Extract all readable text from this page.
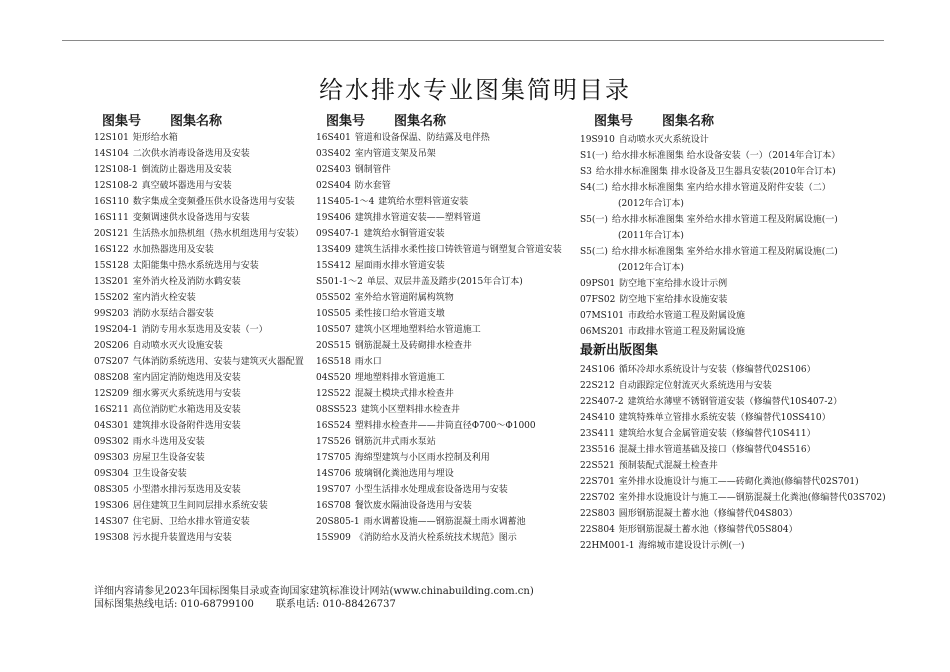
给水排水专业图集简明目录
图集号 图集名称	图集号 图集名称	图集号 图集名称
12S101 矩形给水箱
14S104 二次供水消毒设备选用及安装
12S108-1 倒流防止器选用及安装
12S108-2 真空破坏器选用与安装
16S110 数字集成全变频叠压供水设备选用与安装
16S111 变频调速供水设备选用与安装
20S121 生活热水加热机组（热水机组选用与安装）
16S122 水加热器选用及安装
15S128 太阳能集中热水系统选用与安装
13S201 室外消火栓及消防水鹤安装
15S202 室内消火栓安装
99S203 消防水泵结合器安装
19S204-1 消防专用水泵选用及安装（一）
20S206 自动喷水灭火设施安装
07S207 气体消防系统选用、安装与建筑灭火器配置
08S208 室内固定消防炮选用及安装
12S209 细水雾灭火系统选用与安装
16S211 高位消防贮水箱选用及安装
04S301 建筑排水设备附件选用安装
09S302 雨水斗选用及安装
09S303 房屋卫生设备安装
09S304 卫生设备安装
08S305 小型潜水排污泵选用及安装
19S306 居住建筑卫生间同层排水系统安装
14S307 住宅厨、卫给水排水管道安装
19S308 污水提升装置选用与安装
16S401 管道和设备保温、防结露及电伴热
03S402 室内管道支架及吊架
02S403 钢制管件
02S404 防水套管
11S405-1～4 建筑给水塑料管道安装
19S406 建筑排水管道安装——塑料管道
09S407-1 建筑给水铜管道安装
13S409 建筑生活排水柔性接口铸铁管道与钢塑复合管道安装
15S412 屋面雨水排水管道安装
S501-1～2 单层、双层井盖及踏步(2015年合订本)
05S502 室外给水管道附属构筑物
10S505 柔性接口给水管道支墩
10S507 建筑小区埋地塑料给水管道施工
20S515 钢筋混凝土及砖砌排水检查井
16S518 雨水口
04S520 埋地塑料排水管道施工
12S522 混凝土模块式排水检查井
08SS523 建筑小区塑料排水检查井
16S524 塑料排水检查井——井筒直径Φ700～Φ1000
17S526 钢筋沉井式雨水泵站
17S705 海绵型建筑与小区雨水控制及利用
14S706 玻璃钢化粪池选用与埋设
19S707 小型生活排水处理成套设备选用与安装
16S708 餐饮废水隔油设备选用与安装
20S805-1 雨水调蓄设施——钢筋混凝土雨水调蓄池
15S909 《消防给水及消火栓系统技术规范》图示
19S910 自动喷水灭火系统设计
S1(一) 给水排水标准图集 给水设备安装（一）（2014年合订本）
S3 给水排水标准图集 排水设备及卫生器具安装(2010年合订本)
S4(二) 给水排水标准图集 室内给水排水管道及附件安装（二）
(2012年合订本)
S5(一) 给水排水标准图集 室外给水排水管道工程及附属设施(一)
(2011年合订本)
S5(二) 给水排水标准图集 室外给水排水管道工程及附属设施(二)
(2012年合订本)
09PS01 防空地下室给排水设计示例
07FS02 防空地下室给排水设施安装
07MS101 市政给水管道工程及附属设施
06MS201 市政排水管道工程及附属设施
最新出版图集
24S106 循环冷却水系统设计与安装（修编替代02S106）
22S212 自动跟踪定位射流灭火系统选用与安装
22S407-2 建筑给水薄壁不锈钢管道安装（修编替代10S407-2）
24S410 建筑特殊单立管排水系统安装（修编替代10SS410）
23S411 建筑给水复合金属管道安装（修编替代10S411）
23S516 混凝土排水管道基础及接口（修编替代04S516）
22S521 预制装配式混凝土检查井
22S701 室外排水设施设计与施工——砖砌化粪池(修编替代02S701)
22S702 室外排水设施设计与施工——钢筋混凝土化粪池(修编替代03S702)
22S803 圆形钢筋混凝土蓄水池（修编替代04S803）
22S804 矩形钢筋混凝土蓄水池（修编替代05S804）
22HM001-1 海绵城市建设设计示例(一)
详细内容请参见2023年国标图集目录或查询国家建筑标准设计网站(www.chinabuilding.com.cn)
国标图集热线电话: 010-68799100 联系电话: 010-88426737
